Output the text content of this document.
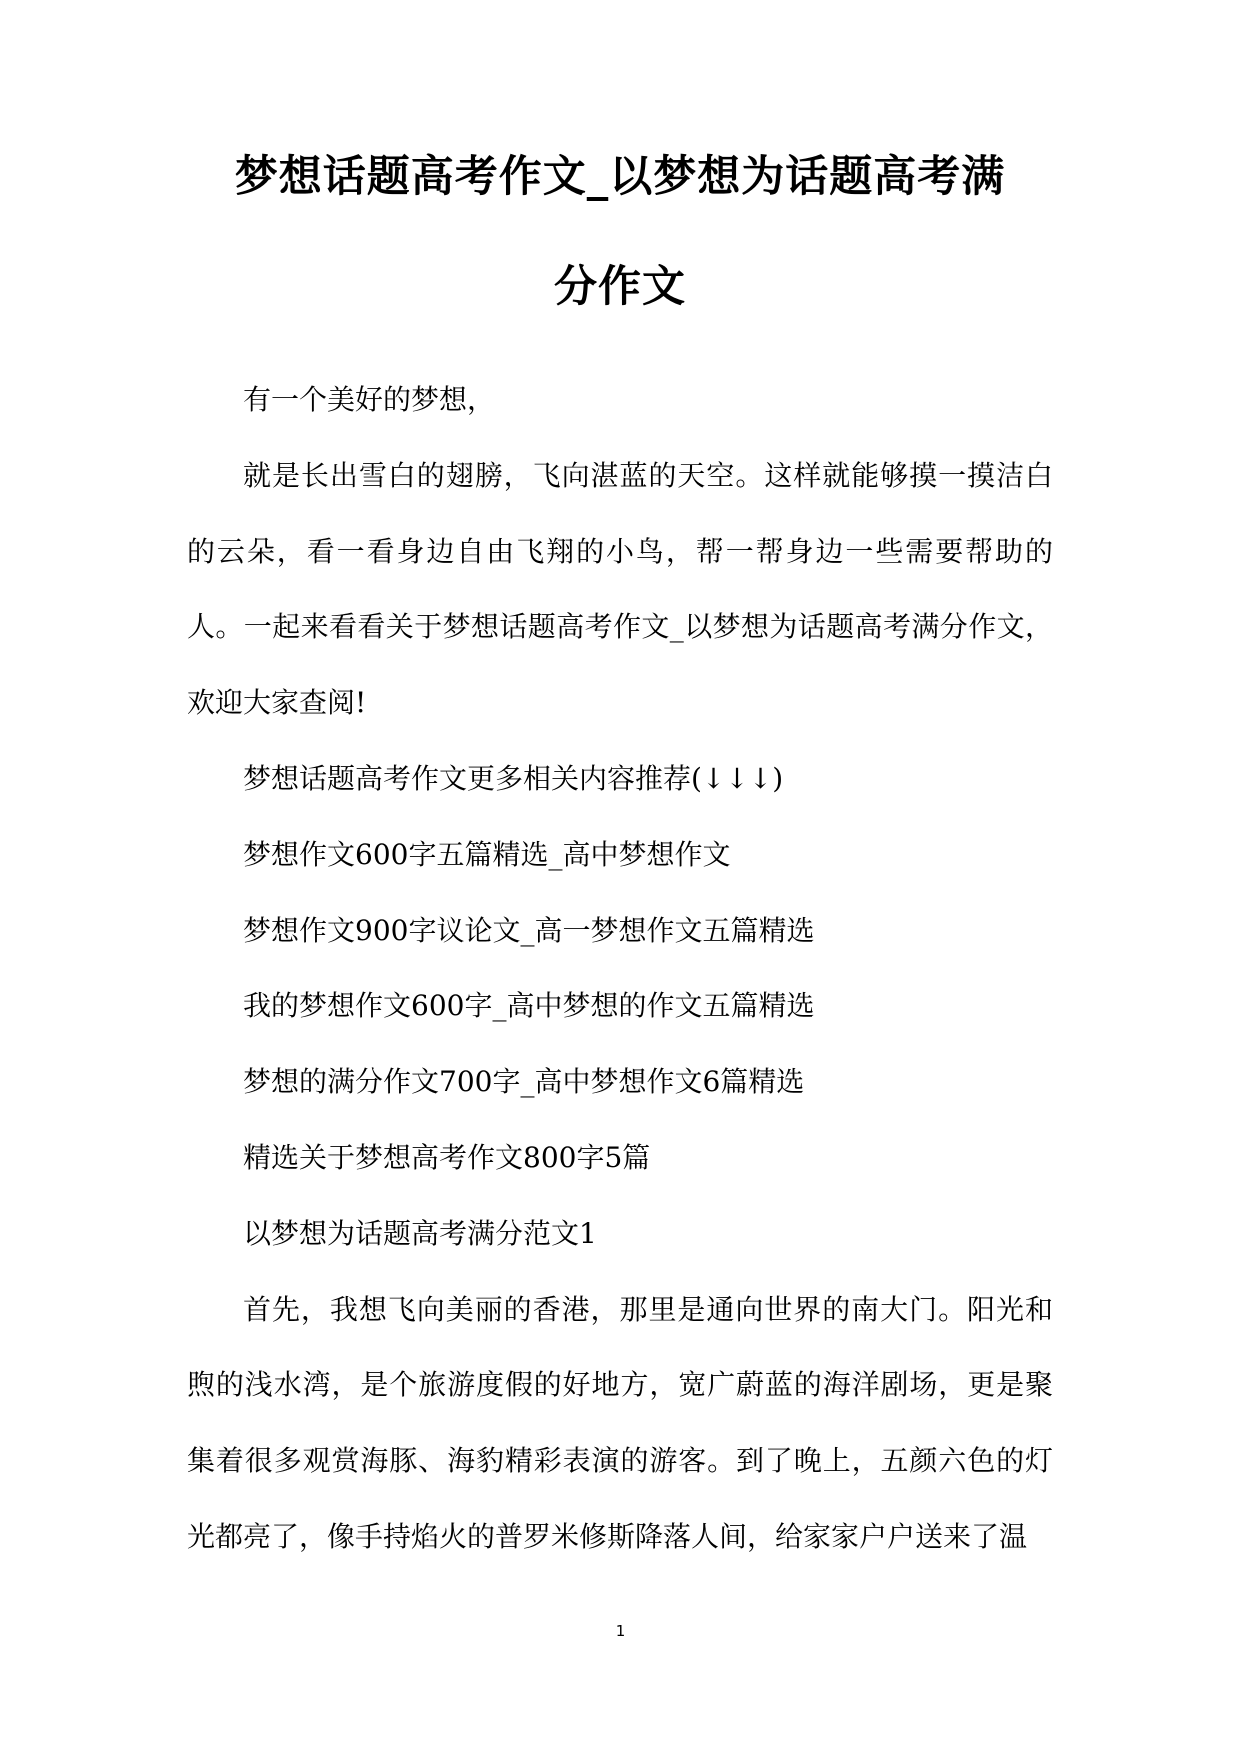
梦想话题高考作文_以梦想为话题高考满
分作文

有一个美好的梦想，

就是长出雪白的翅膀，飞向湛蓝的天空。这样就能够摸一摸洁白的云朵，看一看身边自由飞翔的小鸟，帮一帮身边一些需要帮助的人。一起来看看关于梦想话题高考作文_以梦想为话题高考满分作文，欢迎大家查阅!

梦想话题高考作文更多相关内容推荐(↓↓↓)

梦想作文600字五篇精选_高中梦想作文

梦想作文900字议论文_高一梦想作文五篇精选

我的梦想作文600字_高中梦想的作文五篇精选

梦想的满分作文700字_高中梦想作文6篇精选

精选关于梦想高考作文800字5篇

以梦想为话题高考满分范文1

首先，我想飞向美丽的香港，那里是通向世界的南大门。阳光和煦的浅水湾，是个旅游度假的好地方，宽广蔚蓝的海洋剧场，更是聚集着很多观赏海豚、海豹精彩表演的游客。到了晚上，五颜六色的灯光都亮了，像手持焰火的普罗米修斯降落人间，给家家户户送来了温

1
